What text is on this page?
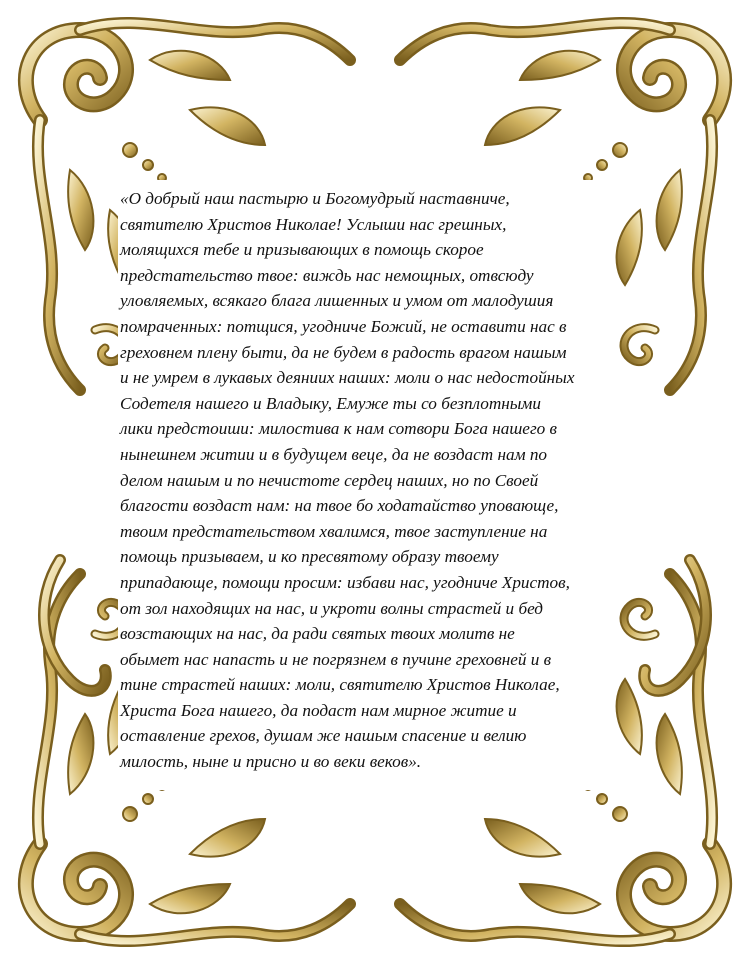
«О добрый наш пастырю и Богомудрый наставниче,
святителю Христов Николае! Услыши нас грешных,
молящихся тебе и призывающих в помощь скорое
предстательство твое: виждь нас немощных, отвсюду
уловляемых, всякаго блага лишенных и умом от малодушия
помраченных: потщися, угодниче Божий, не оставити нас в
греховнем плену быти, да не будем в радость врагом нашым
и не умрем в лукавых деяниих наших: моли о нас недостойных
Содетеля нашего и Владыку, Емуже ты со безплотными
лики предстоиши: милостива к нам сотвори Бога нашего в
нынешнем житии и в будущем веце, да не воздаст нам по
делом нашым и по нечистоте сердец наших, но по Своей
благости воздаст нам: на твое бо ходатайство уповающе,
твоим предстательством хвалимся, твое заступление на
помощь призываем, и ко пресвятому образу твоему
припадающе, помощи просим: избави нас, угодниче Христов,
от зол находящих на нас, и укроти волны страстей и бед
возстающих на нас, да ради святых твоих молитв не
обымет нас напасть и не погрязнем в пучине греховней и в
тине страстей наших: моли, святителю Христов Николае,
Христа Бога нашего, да подаст нам мирное житие и
оставление грехов, душам же нашым спасение и велию
милость, ныне и присно и во веки веков».
